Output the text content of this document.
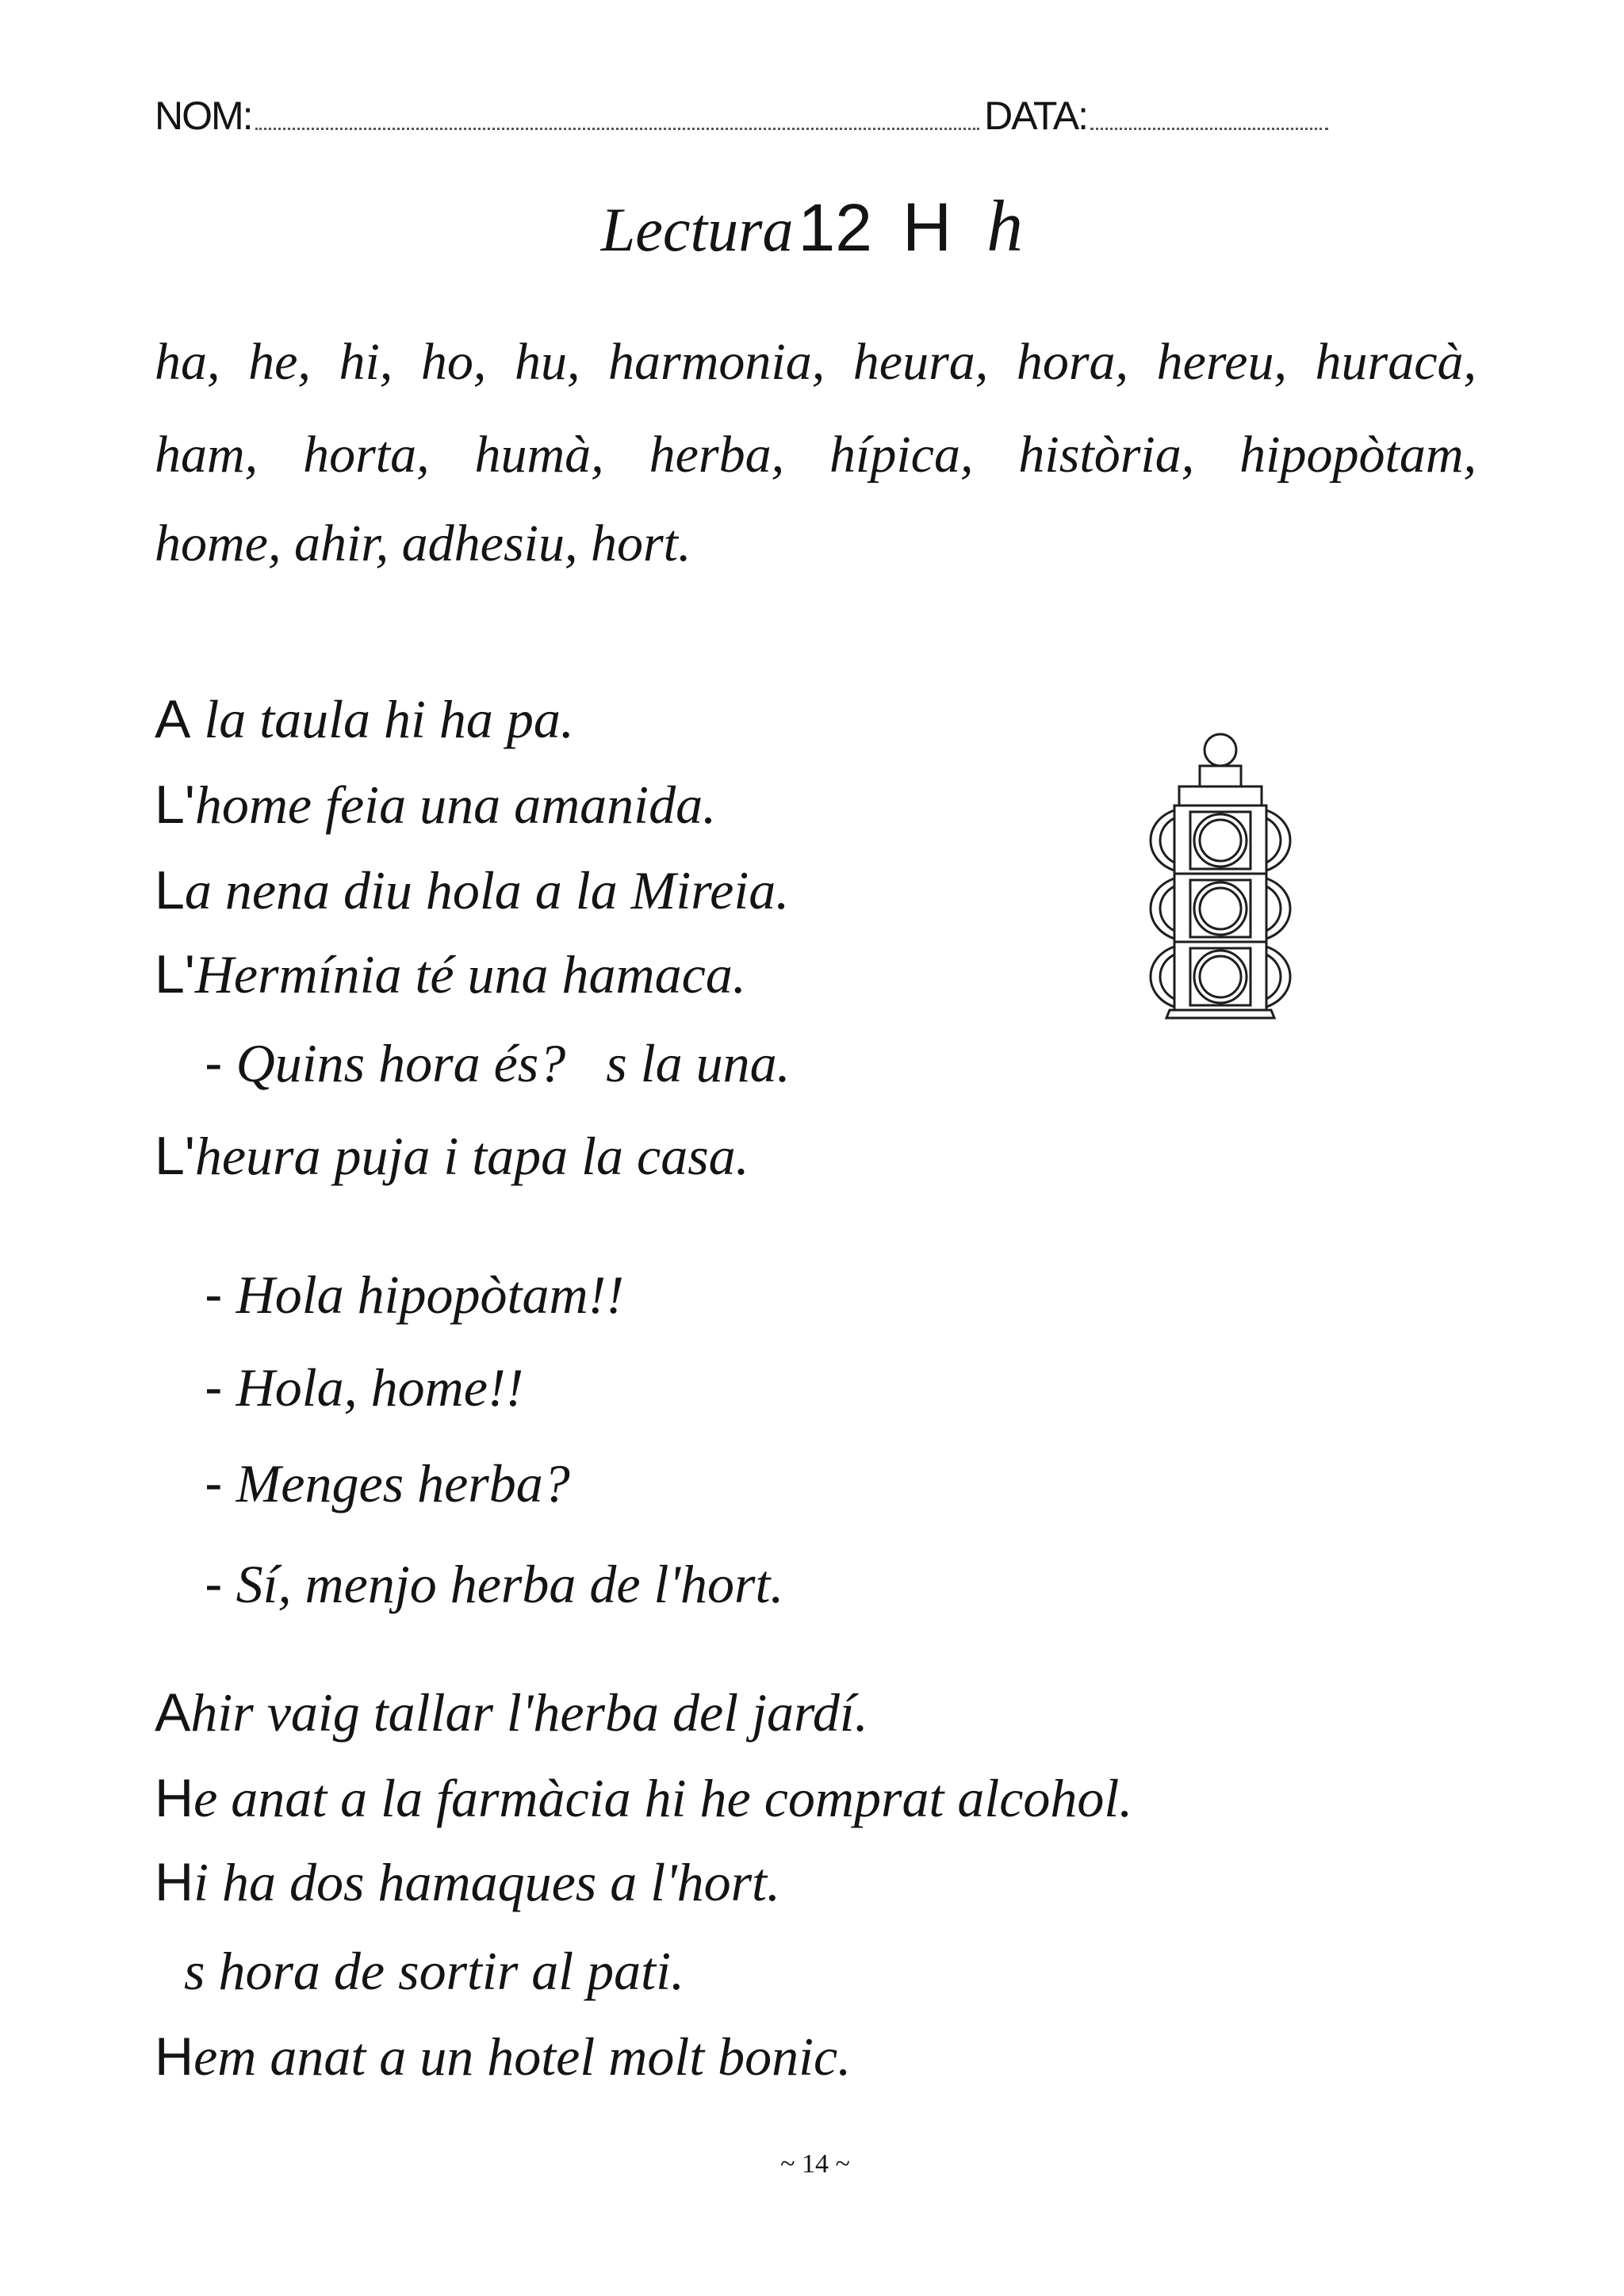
NOM:	DATA:
Lectura 12 H h
ha, he, hi, ho, hu, harmonia, heura, hora, hereu, huracà,
ham, horta, humà, herba, hípica, història, hipopòtam,
home, ahir, adhesiu, hort.
A la taula hi ha pa.
L'home feia una amanida.
La nena diu hola a la Mireia.
L'Hermínia té una hamaca.
- Quins hora és?   s la una.
L'heura puja i tapa la casa.
- Hola hipopòtam!!
- Hola, home!!
- Menges herba?
- Sí, menjo herba de l'hort.
Ahir vaig tallar l'herba del jardí.
He anat a la farmàcia hi he comprat alcohol.
Hi ha dos hamaques a l'hort.
s hora de sortir al pati.
Hem anat a un hotel molt bonic.
~ 14 ~
